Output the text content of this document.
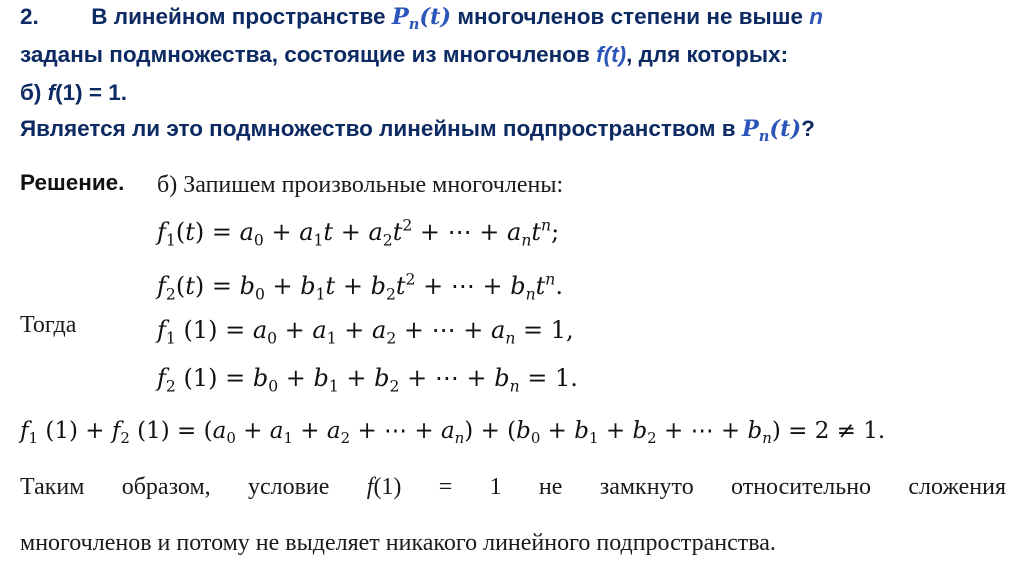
2. В линейном пространстве $P_n(t)$ многочленов степени не выше n
заданы подмножества, состоящие из многочленов f(t), для которых:
б) f(1) = 1.
Является ли это подмножество линейным подпространством в $P_n(t)$?
Решение. б) Запишем произвольные многочлены:
$f_1(t) = a_0 + a_1t + a_2t^2$ + ⋯ + $a_nt^n$;
$f_2(t) = b_0 + b_1t + b_2t^2$ + ⋯ + $b_nt^n$.
Тогда	$f_1$ $(1) = a_0 + a_1 + a_2$ + ⋯ + $a_n = 1$,
$f_2$ $(1) = b_0 + b_1 + b_2$ + ⋯ + $b_n = 1$.
$f_1$ $(1) + f_2$ $(1) = (a_0 + a_1 + a_2$ + ⋯ + $a_n) + (b_0 + b_1 + b_2$ + ⋯ + $b_n) = 2 \ne 1$.
Таким образом, условие f(1) = 1 не замкнуто относительно сложения
многочленов и потому не выделяет никакого линейного подпространства.
